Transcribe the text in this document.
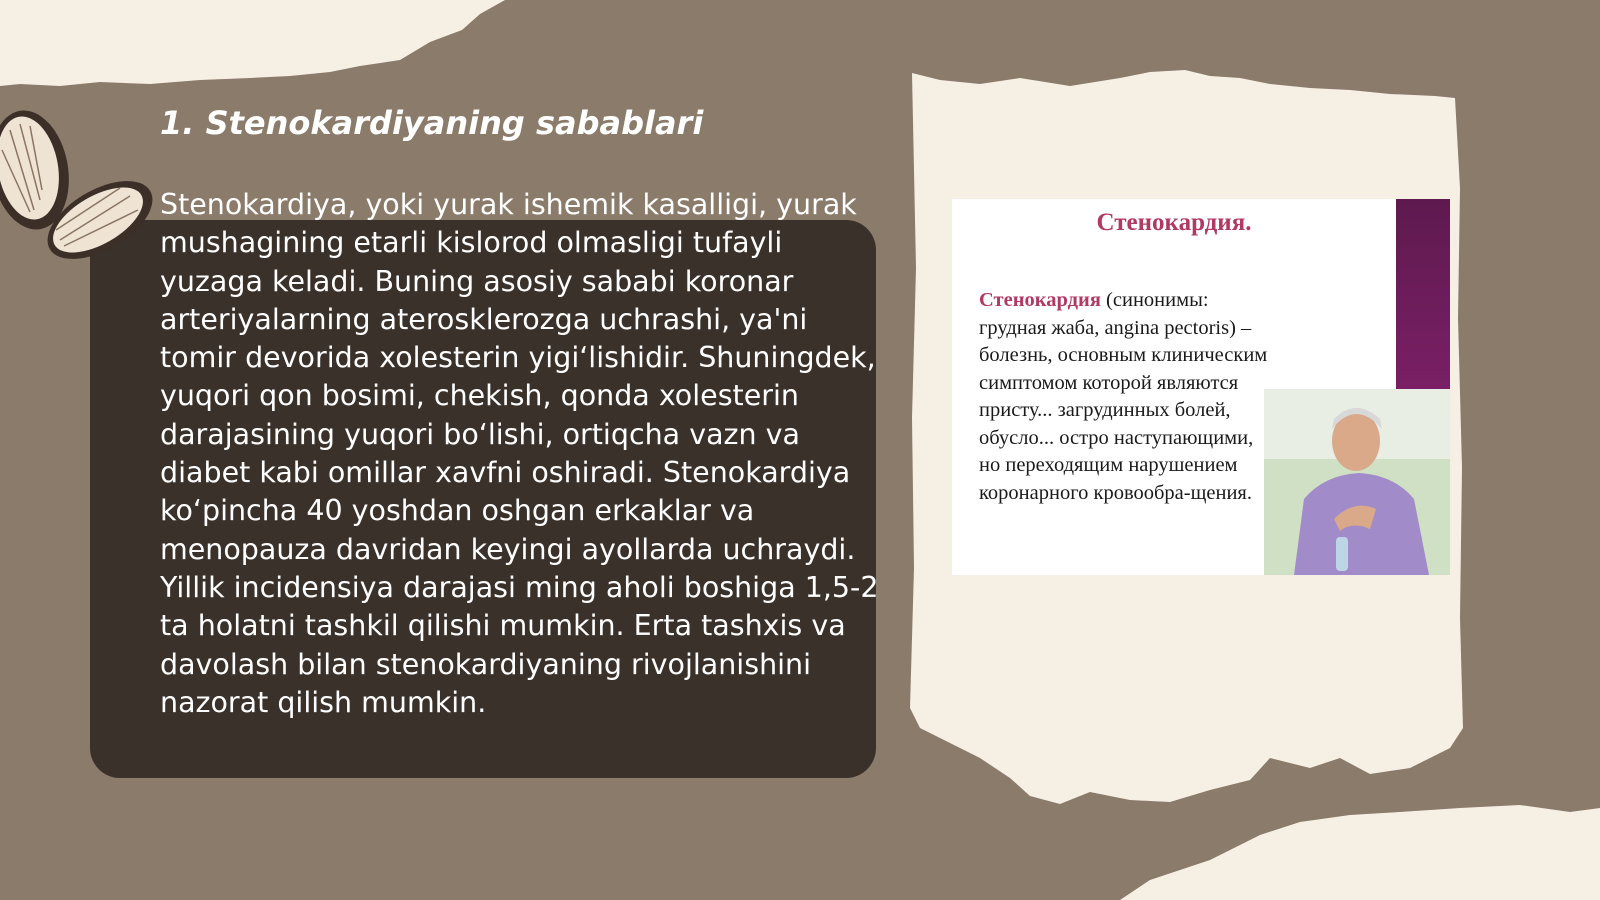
1. Stenokardiyaning sabablari

Stenokardiya, yoki yurak ishemik kasalligi, yurak mushagining etarli kislorod olmasligi tufayli yuzaga keladi. Buning asosiy sababi koronar arteriyalarning aterosklerozga uchrashi, ya'ni tomir devorida xolesterin yigi‘lishidir. Shuningdek, yuqori qon bosimi, chekish, qonda xolesterin darajasining yuqori bo‘lishi, ortiqcha vazn va diabet kabi omillar xavfni oshiradi. Stenokardiya ko‘pincha 40 yoshdan oshgan erkaklar va menopauza davridan keyingi ayollarda uchraydi. Yillik incidensiya darajasi ming aholi boshiga 1,5-2 ta holatni tashkil qilishi mumkin. Erta tashxis va davolash bilan stenokardiyaning rivojlanishini nazorat qilish mumkin.

Стенокардия.

Стенокардия (синонимы: грудная жаба, angina pectoris) – болезнь, основным клиническим симптомом которой являются присту... загрудинных болей, обусло... остро наступающими, но переходящим нарушением коронарного кровообра-щения.
